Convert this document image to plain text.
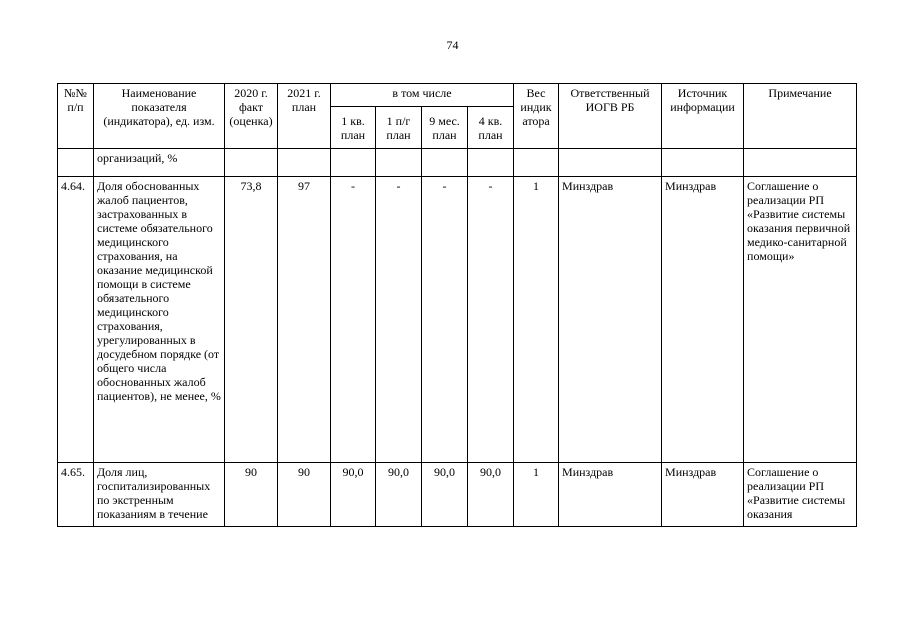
74
№№ п/п	Наименование показателя (индикатора), ед. изм.	2020 г. факт (оценка)	2021 г. план	в том числе				Вес индик атора	Ответственный ИОГВ РБ	Источник информации	Примечание
				1 кв. план	1 п/г план	9 мес. план	4 кв. план				
	организаций, %										
4.64.	Доля обоснованных жалоб пациентов, застрахованных в системе обязательного медицинского страхования, на оказание медицинской помощи в системе обязательного медицинского страхования, урегулированных в досудебном порядке (от общего числа обоснованных жалоб пациентов), не менее, %	73,8	97	-	-	-	-	1	Минздрав	Минздрав	Соглашение о реализации РП «Развитие системы оказания первичной медико-санитарной помощи»
4.65.	Доля лиц, госпитализированных по экстренным показаниям в течение	90	90	90,0	90,0	90,0	90,0	1	Минздрав	Минздрав	Соглашение о реализации РП «Развитие системы оказания
